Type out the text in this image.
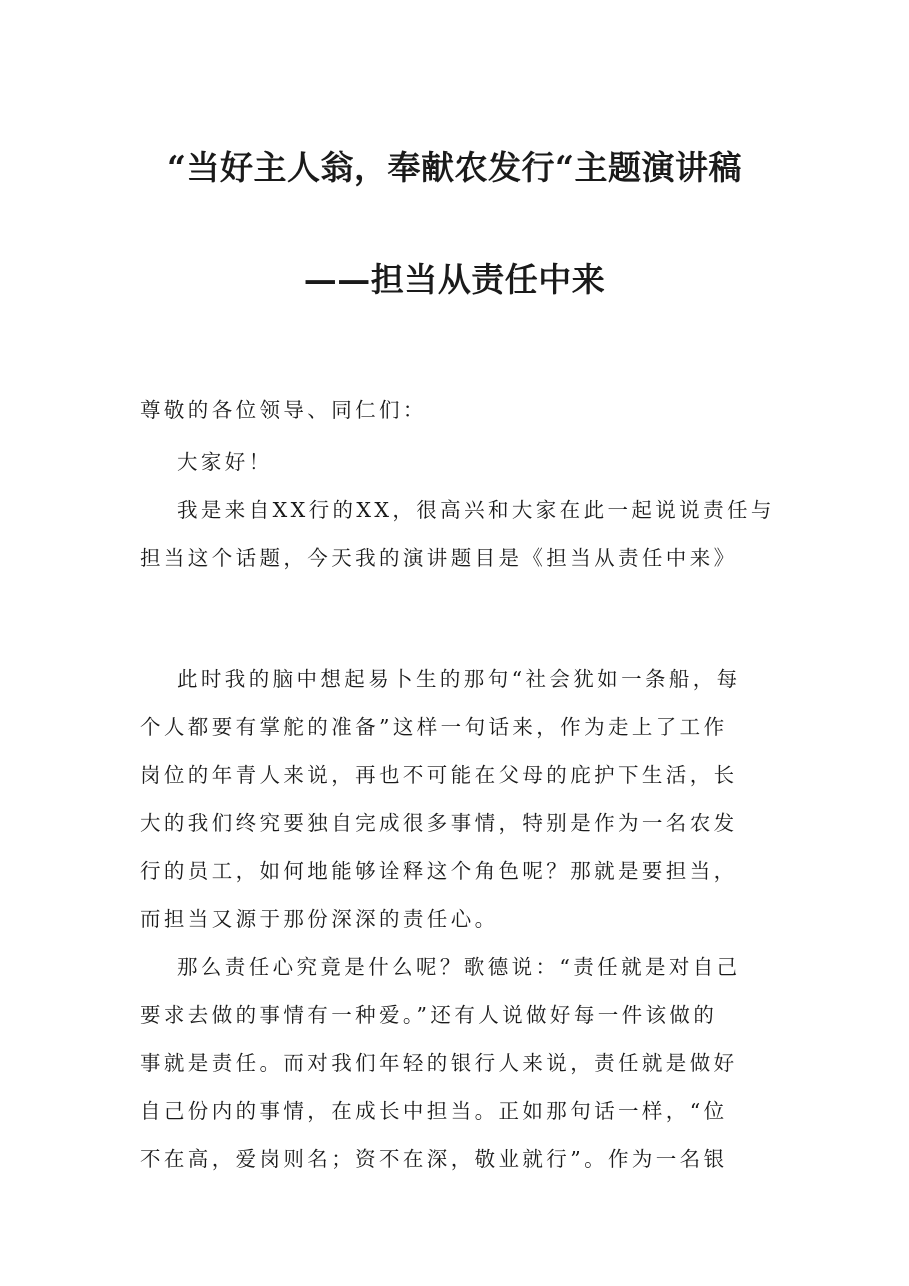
“当好主人翁，奉献农发行“主题演讲稿
——担当从责任中来
尊敬的各位领导、同仁们：
大家好！
我是来自XX行的XX，很高兴和大家在此一起说说责任与
担当这个话题，今天我的演讲题目是《担当从责任中来》
此时我的脑中想起易卜生的那句“社会犹如一条船，每
个人都要有掌舵的准备”这样一句话来，作为走上了工作
岗位的年青人来说，再也不可能在父母的庇护下生活，长
大的我们终究要独自完成很多事情，特别是作为一名农发
行的员工，如何地能够诠释这个角色呢？那就是要担当，
而担当又源于那份深深的责任心。
那么责任心究竟是什么呢？歌德说：“责任就是对自己
要求去做的事情有一种爱。”还有人说做好每一件该做的
事就是责任。而对我们年轻的银行人来说，责任就是做好
自己份内的事情，在成长中担当。正如那句话一样，“位
不在高，爱岗则名；资不在深，敬业就行”。作为一名银
